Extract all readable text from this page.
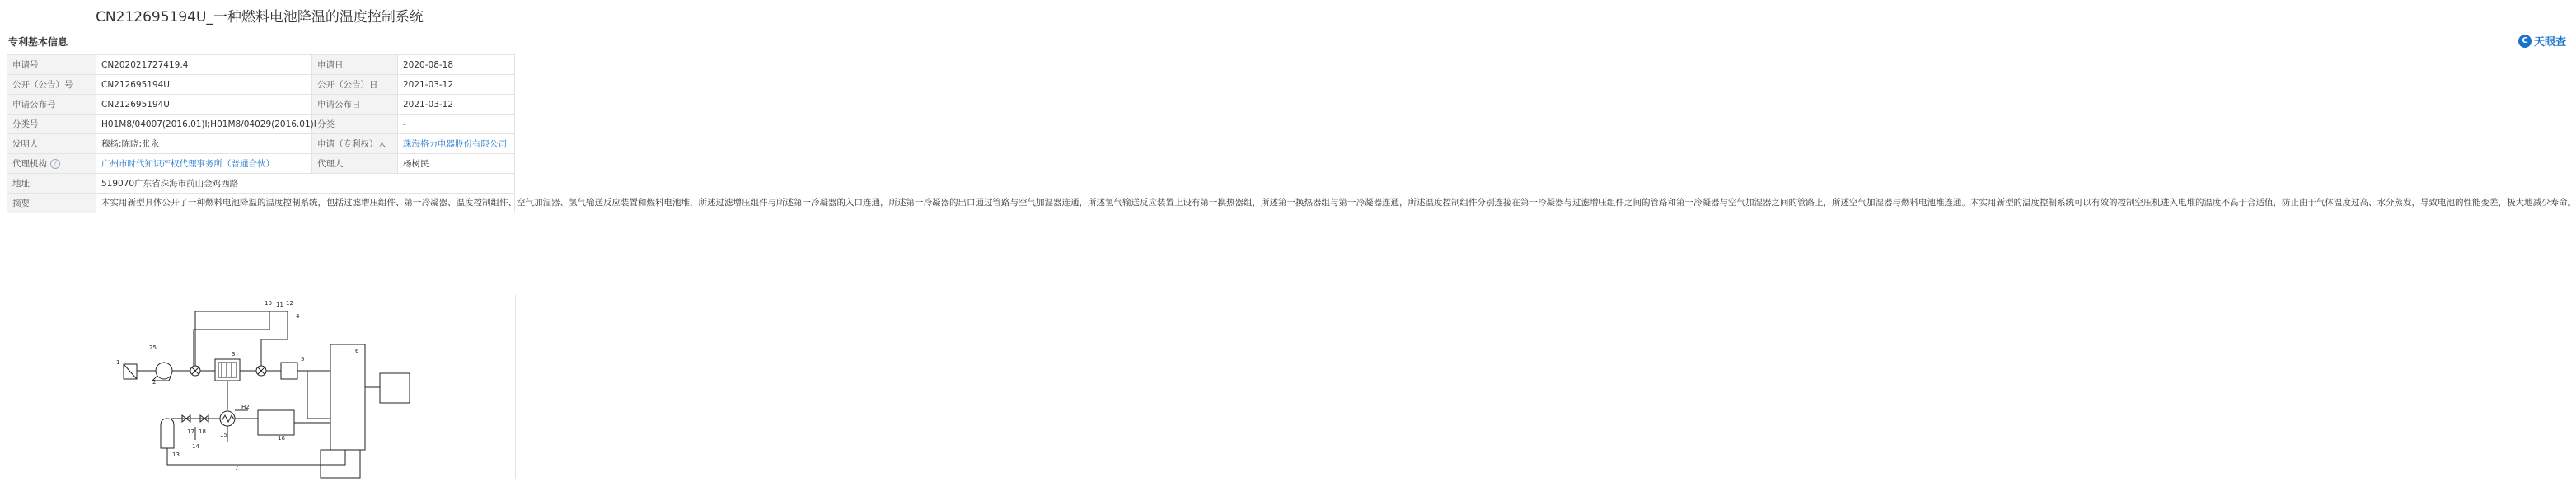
CN212695194U_一种燃料电池降温的温度控制系统
专利基本信息	C 天眼查
申请号	CN202021727419.4	申请日	2020-08-18
公开（公告）号	CN212695194U	公开（公告）日	2021-03-12
申请公布号	CN212695194U	申请公布日	2021-03-12
分类号	H01M8/04007(2016.01)I;H01M8/04029(2016.01)I	分类	-
发明人	穆杨;陈晓;张永	申请（专利权）人	珠海格力电器股份有限公司
代理机构 ?	广州市时代知识产权代理事务所（普通合伙）	代理人	杨树民
地址	519070广东省珠海市前山金鸡西路		
摘要	本实用新型具体公开了一种燃料电池降温的温度控制系统，包括过滤增压组件、第一冷凝器、温度控制组件、空气加湿器、氢气输送反应装置和燃料电池堆，所述过滤增压组件与所述第一冷凝器的入口连通，所述第一冷凝器的出口通过管路与空气加湿器连通，所述氢气输送反应装置上设有第一换热器组，所述第一换热器组与第一冷凝器连通，所述温度控制组件分别连接在第一冷凝器与过滤增压组件之间的管路和第一冷凝器与空气加湿器之间的管路上，所述空气加湿器与燃料电池堆连通。本实用新型的温度控制系统可以有效的控制空压机进入电堆的温度不高于合适值，防止由于气体温度过高、水分蒸发，导致电池的性能变差，极大地减少寿命。		
10 11 12
4
3
25
1
2
5
6
H2
15	16
17 18
14
13
7
